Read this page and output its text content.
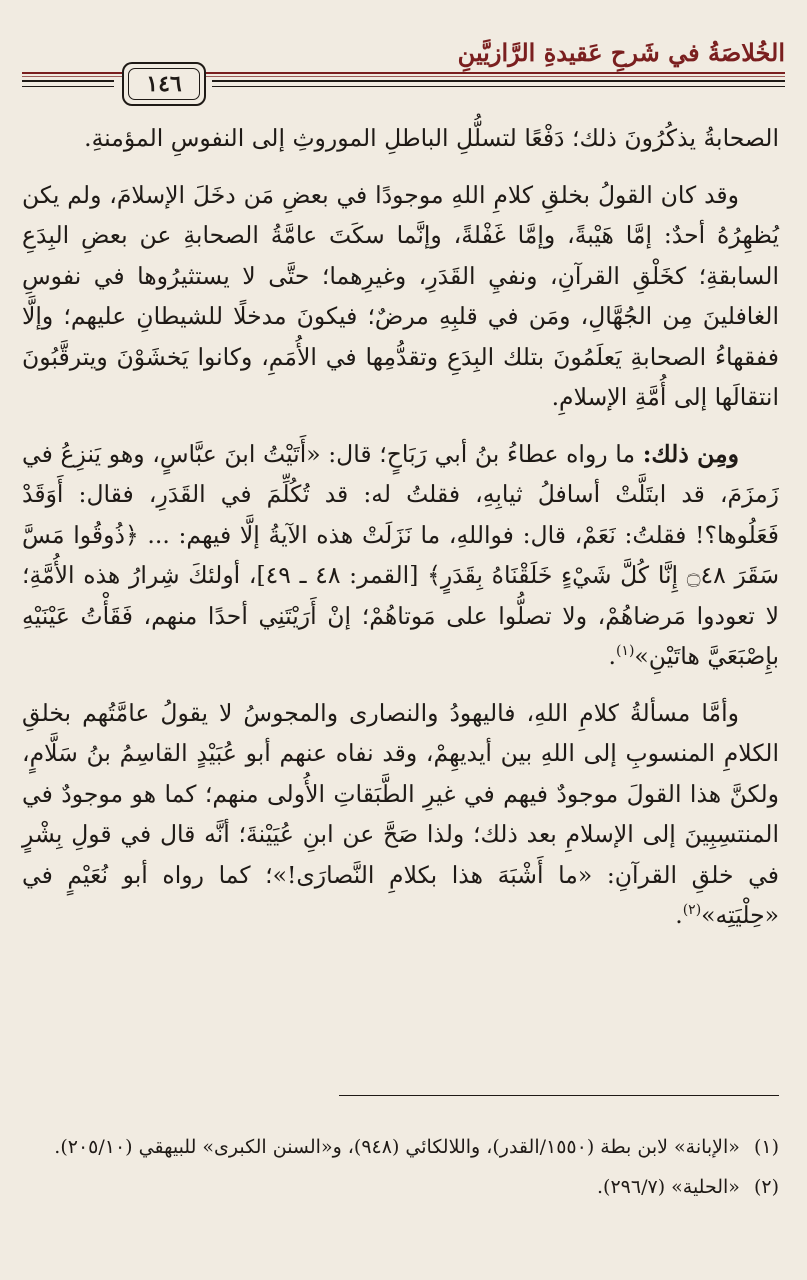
الخُلاصَةُ في شَرحِ عَقيدةِ الرَّازيَّينِ
١٤٦

الصحابةُ يذكُرُونَ ذلك؛ دَفْعًا لتسلُّلِ الباطلِ الموروثِ إلى النفوسِ المؤمنةِ.

وقد كان القولُ بخلقِ كلامِ اللهِ موجودًا في بعضِ مَن دخَلَ الإسلامَ، ولم يكن يُظهِرُهُ أحدٌ: إمَّا هَيْبةً، وإمَّا غَفْلةً، وإنَّما سكَتَ عامَّةُ الصحابةِ عن بعضِ البِدَعِ السابقةِ؛ كخَلْقِ القرآنِ، ونفيِ القَدَرِ، وغيرِهما؛ حتَّى لا يستثيرُوها في نفوسِ الغافلينَ مِن الجُهَّالِ، ومَن في قلبِهِ مرضٌ؛ فيكونَ مدخلًا للشيطانِ عليهم؛ وإلَّا ففقهاءُ الصحابةِ يَعلَمُونَ بتلك البِدَعِ وتقدُّمِها في الأُمَمِ، وكانوا يَخشَوْنَ ويترقَّبُونَ انتقالَها إلى أُمَّةِ الإسلامِ.

ومِن ذلك: ما رواه عطاءُ بنُ أبي رَبَاحٍ؛ قال: «أَتَيْتُ ابنَ عبَّاسٍ، وهو يَنزِعُ في زَمزَمَ، قد ابتَلَّتْ أسافلُ ثيابِهِ، فقلتُ له: قد تُكُلِّمَ في القَدَرِ، فقال: أَوَقَدْ فَعَلُوها؟! فقلتُ: نَعَمْ، قال: فواللهِ، ما نَزَلَتْ هذه الآيةُ إلَّا فيهم: ... ﴿ذُوقُوا مَسَّ سَقَرَ ۝٤٨ إِنَّا كُلَّ شَيْءٍ خَلَقْنَاهُ بِقَدَرٍ﴾ [القمر: ٤٨ ـ ٤٩]، أولئكَ شِرارُ هذه الأُمَّةِ؛ لا تعودوا مَرضاهُمْ، ولا تصلُّوا على مَوتاهُمْ؛ إنْ أَرَيْتَنِي أحدًا منهم، فَقَأْتُ عَيْنَيْهِ بإِصْبَعَيَّ هاتَيْنِ»$^{(١)}$.

وأمَّا مسألةُ كلامِ اللهِ، فاليهودُ والنصارى والمجوسُ لا يقولُ عامَّتُهم بخلقِ الكلامِ المنسوبِ إلى اللهِ بين أيديهِمْ، وقد نفاه عنهم أبو عُبَيْدٍ القاسِمُ بنُ سَلَّامٍ، ولكنَّ هذا القولَ موجودٌ فيهم في غيرِ الطَّبَقاتِ الأُولى منهم؛ كما هو موجودٌ في المنتسِبِينَ إلى الإسلامِ بعد ذلك؛ ولذا صَحَّ عن ابنِ عُيَيْنةَ؛ أنَّه قال في قولِ بِشْرٍ في خلقِ القرآنِ: «ما أَشْبَهَ هذا بكلامِ النَّصارَى!»؛ كما رواه أبو نُعَيْمٍ في «حِلْيَتِه»$^{(٢)}$.

(١)«الإبانة» لابن بطة (١٥٥٠/القدر)، واللالكائي (٩٤٨)، و«السنن الكبرى» للبيهقي (٢٠٥/١٠).

(٢)«الحلية» (٢٩٦/٧).
